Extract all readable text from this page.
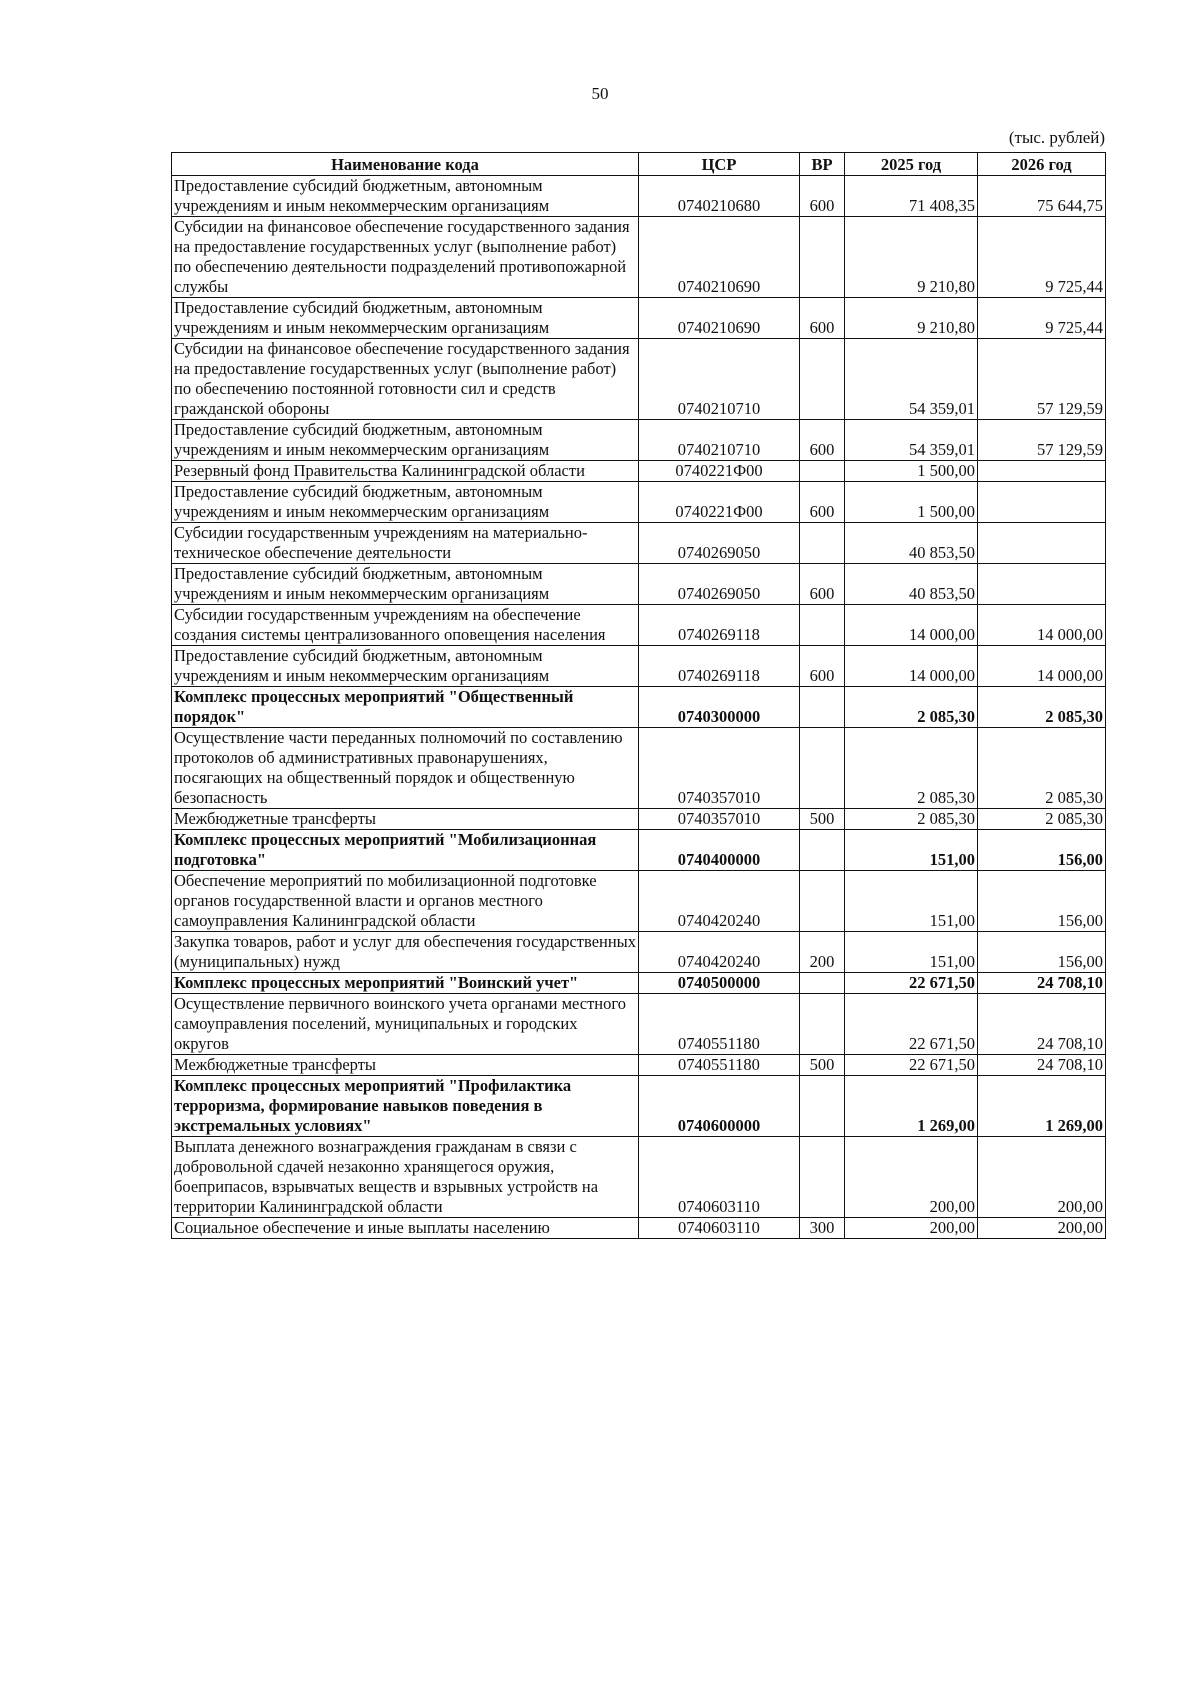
50
(тыс. рублей)
Наименование кода	ЦСР	ВР	2025 год	2026 год
Предоставление субсидий бюджетным, автономным учреждениям и иным некоммерческим организациям	0740210680	600	71 408,35	75 644,75
Субсидии на финансовое обеспечение государственного задания на предоставление государственных услуг (выполнение работ) по обеспечению деятельности подразделений противопожарной службы	0740210690		9 210,80	9 725,44
Предоставление субсидий бюджетным, автономным учреждениям и иным некоммерческим организациям	0740210690	600	9 210,80	9 725,44
Субсидии на финансовое обеспечение государственного задания на предоставление государственных услуг (выполнение работ) по обеспечению постоянной готовности сил и средств гражданской обороны	0740210710		54 359,01	57 129,59
Предоставление субсидий бюджетным, автономным учреждениям и иным некоммерческим организациям	0740210710	600	54 359,01	57 129,59
Резервный фонд Правительства Калининградской области	0740221Ф00		1 500,00	
Предоставление субсидий бюджетным, автономным учреждениям и иным некоммерческим организациям	0740221Ф00	600	1 500,00	
Субсидии государственным учреждениям на материально-техническое обеспечение деятельности	0740269050		40 853,50	
Предоставление субсидий бюджетным, автономным учреждениям и иным некоммерческим организациям	0740269050	600	40 853,50	
Субсидии государственным учреждениям на обеспечение создания системы централизованного оповещения населения	0740269118		14 000,00	14 000,00
Предоставление субсидий бюджетным, автономным учреждениям и иным некоммерческим организациям	0740269118	600	14 000,00	14 000,00
Комплекс процессных мероприятий "Общественный порядок"	0740300000		2 085,30	2 085,30
Осуществление части переданных полномочий по составлению протоколов об административных правонарушениях, посягающих на общественный порядок и общественную безопасность	0740357010		2 085,30	2 085,30
Межбюджетные трансферты	0740357010	500	2 085,30	2 085,30
Комплекс процессных мероприятий "Мобилизационная подготовка"	0740400000		151,00	156,00
Обеспечение мероприятий по мобилизационной подготовке органов государственной власти и органов местного самоуправления Калининградской области	0740420240		151,00	156,00
Закупка товаров, работ и услуг для обеспечения государственных (муниципальных) нужд	0740420240	200	151,00	156,00
Комплекс процессных мероприятий "Воинский учет"	0740500000		22 671,50	24 708,10
Осуществление первичного воинского учета органами местного самоуправления поселений, муниципальных и городских округов	0740551180		22 671,50	24 708,10
Межбюджетные трансферты	0740551180	500	22 671,50	24 708,10
Комплекс процессных мероприятий "Профилактика терроризма, формирование навыков поведения в экстремальных условиях"	0740600000		1 269,00	1 269,00
Выплата денежного вознаграждения гражданам в связи с добровольной сдачей незаконно хранящегося оружия, боеприпасов, взрывчатых веществ и взрывных устройств на территории Калининградской области	0740603110		200,00	200,00
Социальное обеспечение и иные выплаты населению	0740603110	300	200,00	200,00
